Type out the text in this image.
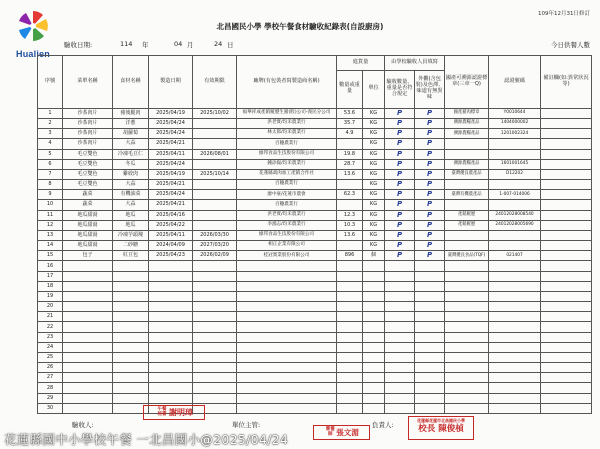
Hualien
109年12月31日修訂
北昌國民小學 學校午餐食材驗收紀錄表(自設廚房)
驗收日期:	114 年	04 月	24 日	今日供餐人數
序號	菜單名稱	食材名稱	製造日期	有效期限	廠牌(有包裝者寫製造商名稱)	進貨量		由學校驗收人員填寫		國產可溯源認證標章(三章一Q)	認證號碼	備註欄(如:異常狀況等)
						數量或重量	單位	驗收數量、重量是否符合規定	外觀(含包裝)及色澤、味道有無異味			
1	沙茶肉片	豬後腿肉	2025/04/19	2025/10/02	福華祥成產銷履歷生豬(股)公司-義民分公司	53.6	KG	P	P	國產豬肉標章	Y0010644	
2	沙茶肉片	洋蔥	2025/04/24		洪老實/均禾農業行	35.7	KG	P	P	溯源農糧產品	1404000002	
3	沙茶肉片	胡蘿蔔	2025/04/24		林太郎/均禾農業行	4.9	KG	P	P	溯源農糧產品	1201002324	
4	沙茶肉片	大蒜	2025/04/21		百穗農業行		KG	P	P			
5	毛豆雙色	冷凍毛豆仁	2025/04/11	2026/08/01	綠邦食品生技股份有限公司	19.8	KG	P	P			
6	毛豆雙色	冬瓜	2025/04/24		鍾添嶽/均禾農業行	28.7	KG	P	P	溯源農糧產品	1601001645	
7	毛豆雙色	雞絞肉	2025/04/19	2025/10/14	花蓮縣禽肉加工產銷合作社	13.6	KG	P	P	臺灣優良農產品	D12202	
8	毛豆雙色	大蒜	2025/04/21		百穗農業行		KG	P	P			
9	蔬菜	有機油菜	2025/04/24		廖中豪/花蓮市農會	62.3	KG	P	P	臺灣有機農產品	1-007-014006	
10	蔬菜	大蒜	2025/04/21		百穗農業行		KG	P	P			
11	地瓜甜湯	地瓜	2025/04/16		洪老實/均禾農業行	12.3	KG	P	P	產銷履歷	24012028008540	
12	地瓜甜湯	地瓜	2025/04/22		李鴻志/均禾農業行	10.3	KG	P	P	產銷履歷	24012028005690	
13	地瓜甜湯	冷凍芋頭塊	2025/04/11	2026/03/30	綠邦食品生技股份有限公司	13.6	KG	P	P			
14	地瓜甜湯	二砂糖	2024/04/09	2027/03/20	相正企業有限公司		KG	P	P			
15	包子	紅豆包	2025/04/23	2026/02/09	桂冠實業股份有限公司	896	個	P	P	臺灣優良食品(TQF)	021407	
16												
17												
18												
19												
20												
21												
22												
23												
24												
25												
26												
27												
28												
29												
30												
驗收人:
午餐 秘書 謝明璋
單位主管:
營養師 張文湄
負責人:
花蓮縣花蓮市北昌國民小學
校長 陳俊楨
花蓮縣國中小學校午餐 一北昌國小@2025/04/24
